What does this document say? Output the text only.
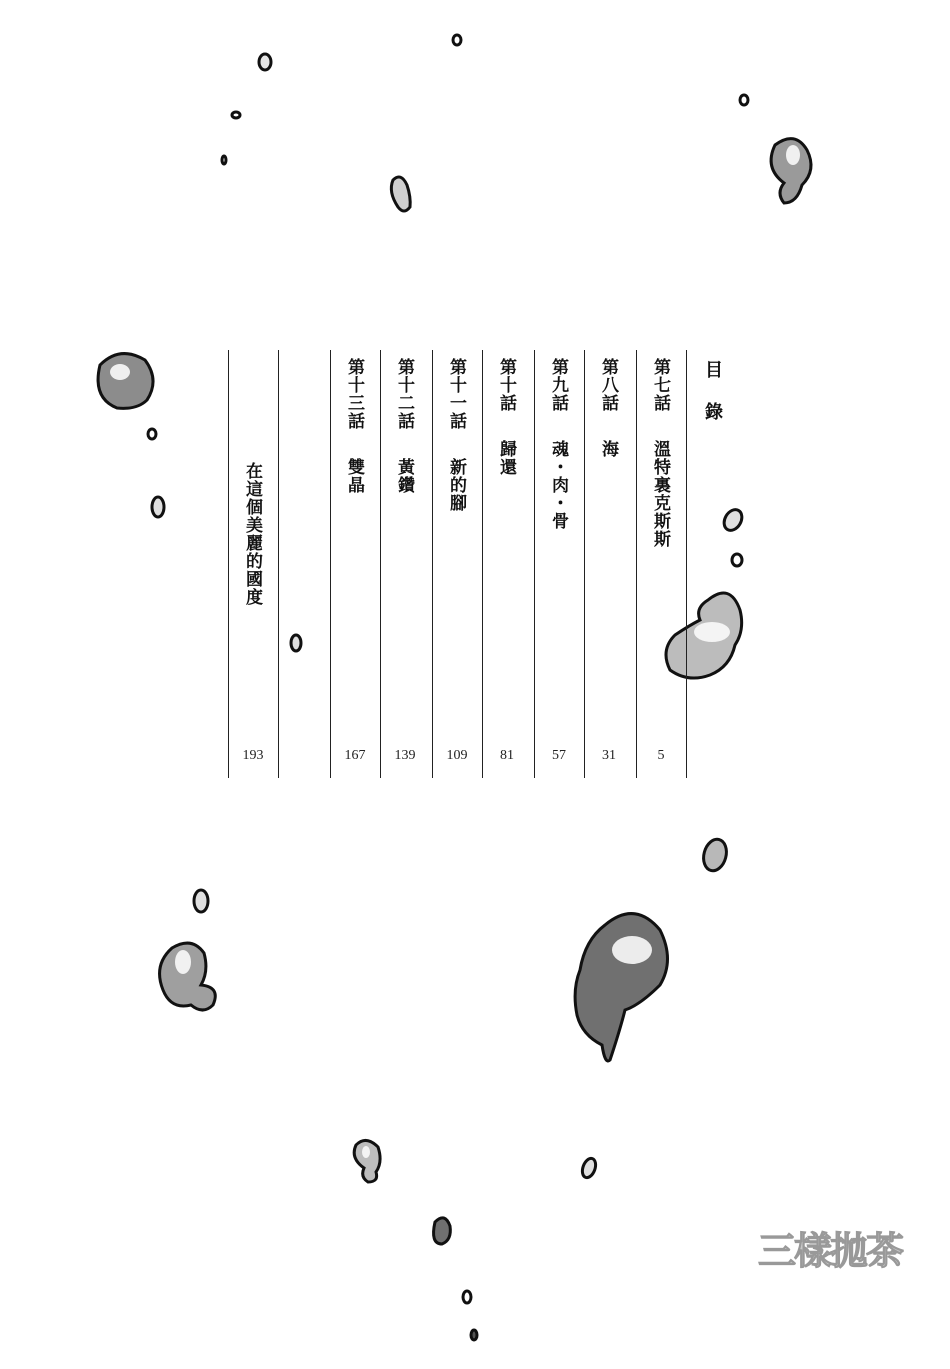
目 錄
第七話溫特裏克斯斯
5
第八話海
31
第九話魂・肉・骨
57
第十話歸還
81
第十一話新的腳
109
第十二話黃鑽
139
第十三話雙晶
167
在這個美麗的國度
193
三樣拋茶
